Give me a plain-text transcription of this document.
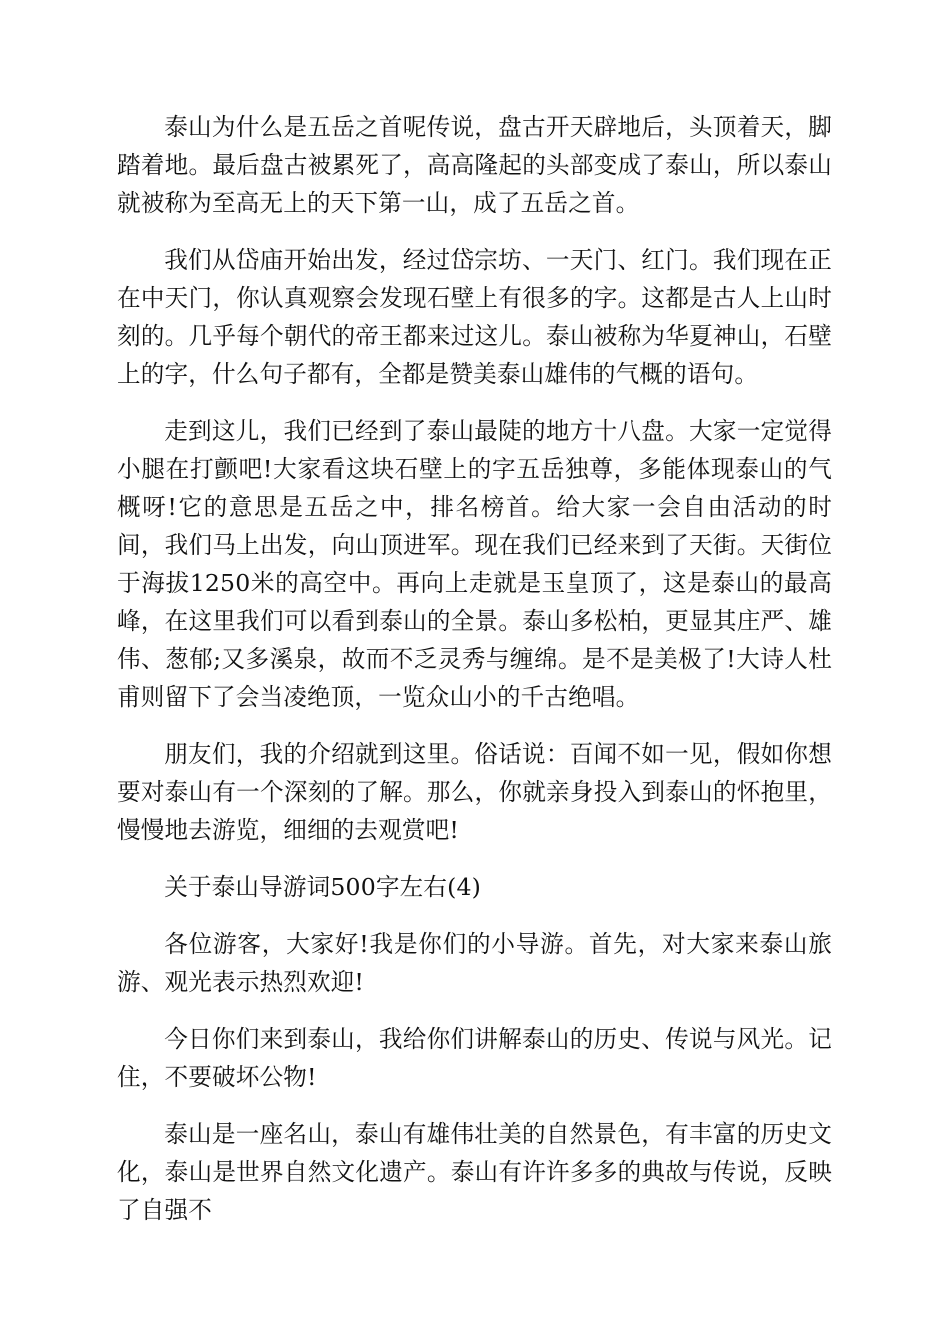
泰山为什么是五岳之首呢传说，盘古开天辟地后，头顶着天，脚踏着地。最后盘古被累死了，高高隆起的头部变成了泰山，所以泰山就被称为至高无上的天下第一山，成了五岳之首。

我们从岱庙开始出发，经过岱宗坊、一天门、红门。我们现在正在中天门，你认真观察会发现石壁上有很多的字。这都是古人上山时刻的。几乎每个朝代的帝王都来过这儿。泰山被称为华夏神山，石壁上的字，什么句子都有，全都是赞美泰山雄伟的气概的语句。

走到这儿，我们已经到了泰山最陡的地方十八盘。大家一定觉得小腿在打颤吧!大家看这块石壁上的字五岳独尊，多能体现泰山的气概呀!它的意思是五岳之中，排名榜首。给大家一会自由活动的时间，我们马上出发，向山顶进军。现在我们已经来到了天街。天街位于海拔1250米的高空中。再向上走就是玉皇顶了，这是泰山的最高峰，在这里我们可以看到泰山的全景。泰山多松柏，更显其庄严、雄伟、葱郁;又多溪泉，故而不乏灵秀与缠绵。是不是美极了!大诗人杜甫则留下了会当凌绝顶，一览众山小的千古绝唱。

朋友们，我的介绍就到这里。俗话说：百闻不如一见，假如你想要对泰山有一个深刻的了解。那么，你就亲身投入到泰山的怀抱里，慢慢地去游览，细细的去观赏吧!

关于泰山导游词500字左右(4)

各位游客，大家好!我是你们的小导游。首先，对大家来泰山旅游、观光表示热烈欢迎!

今日你们来到泰山，我给你们讲解泰山的历史、传说与风光。记住，不要破坏公物!

泰山是一座名山，泰山有雄伟壮美的自然景色，有丰富的历史文化，泰山是世界自然文化遗产。泰山有许许多多的典故与传说，反映了自强不
